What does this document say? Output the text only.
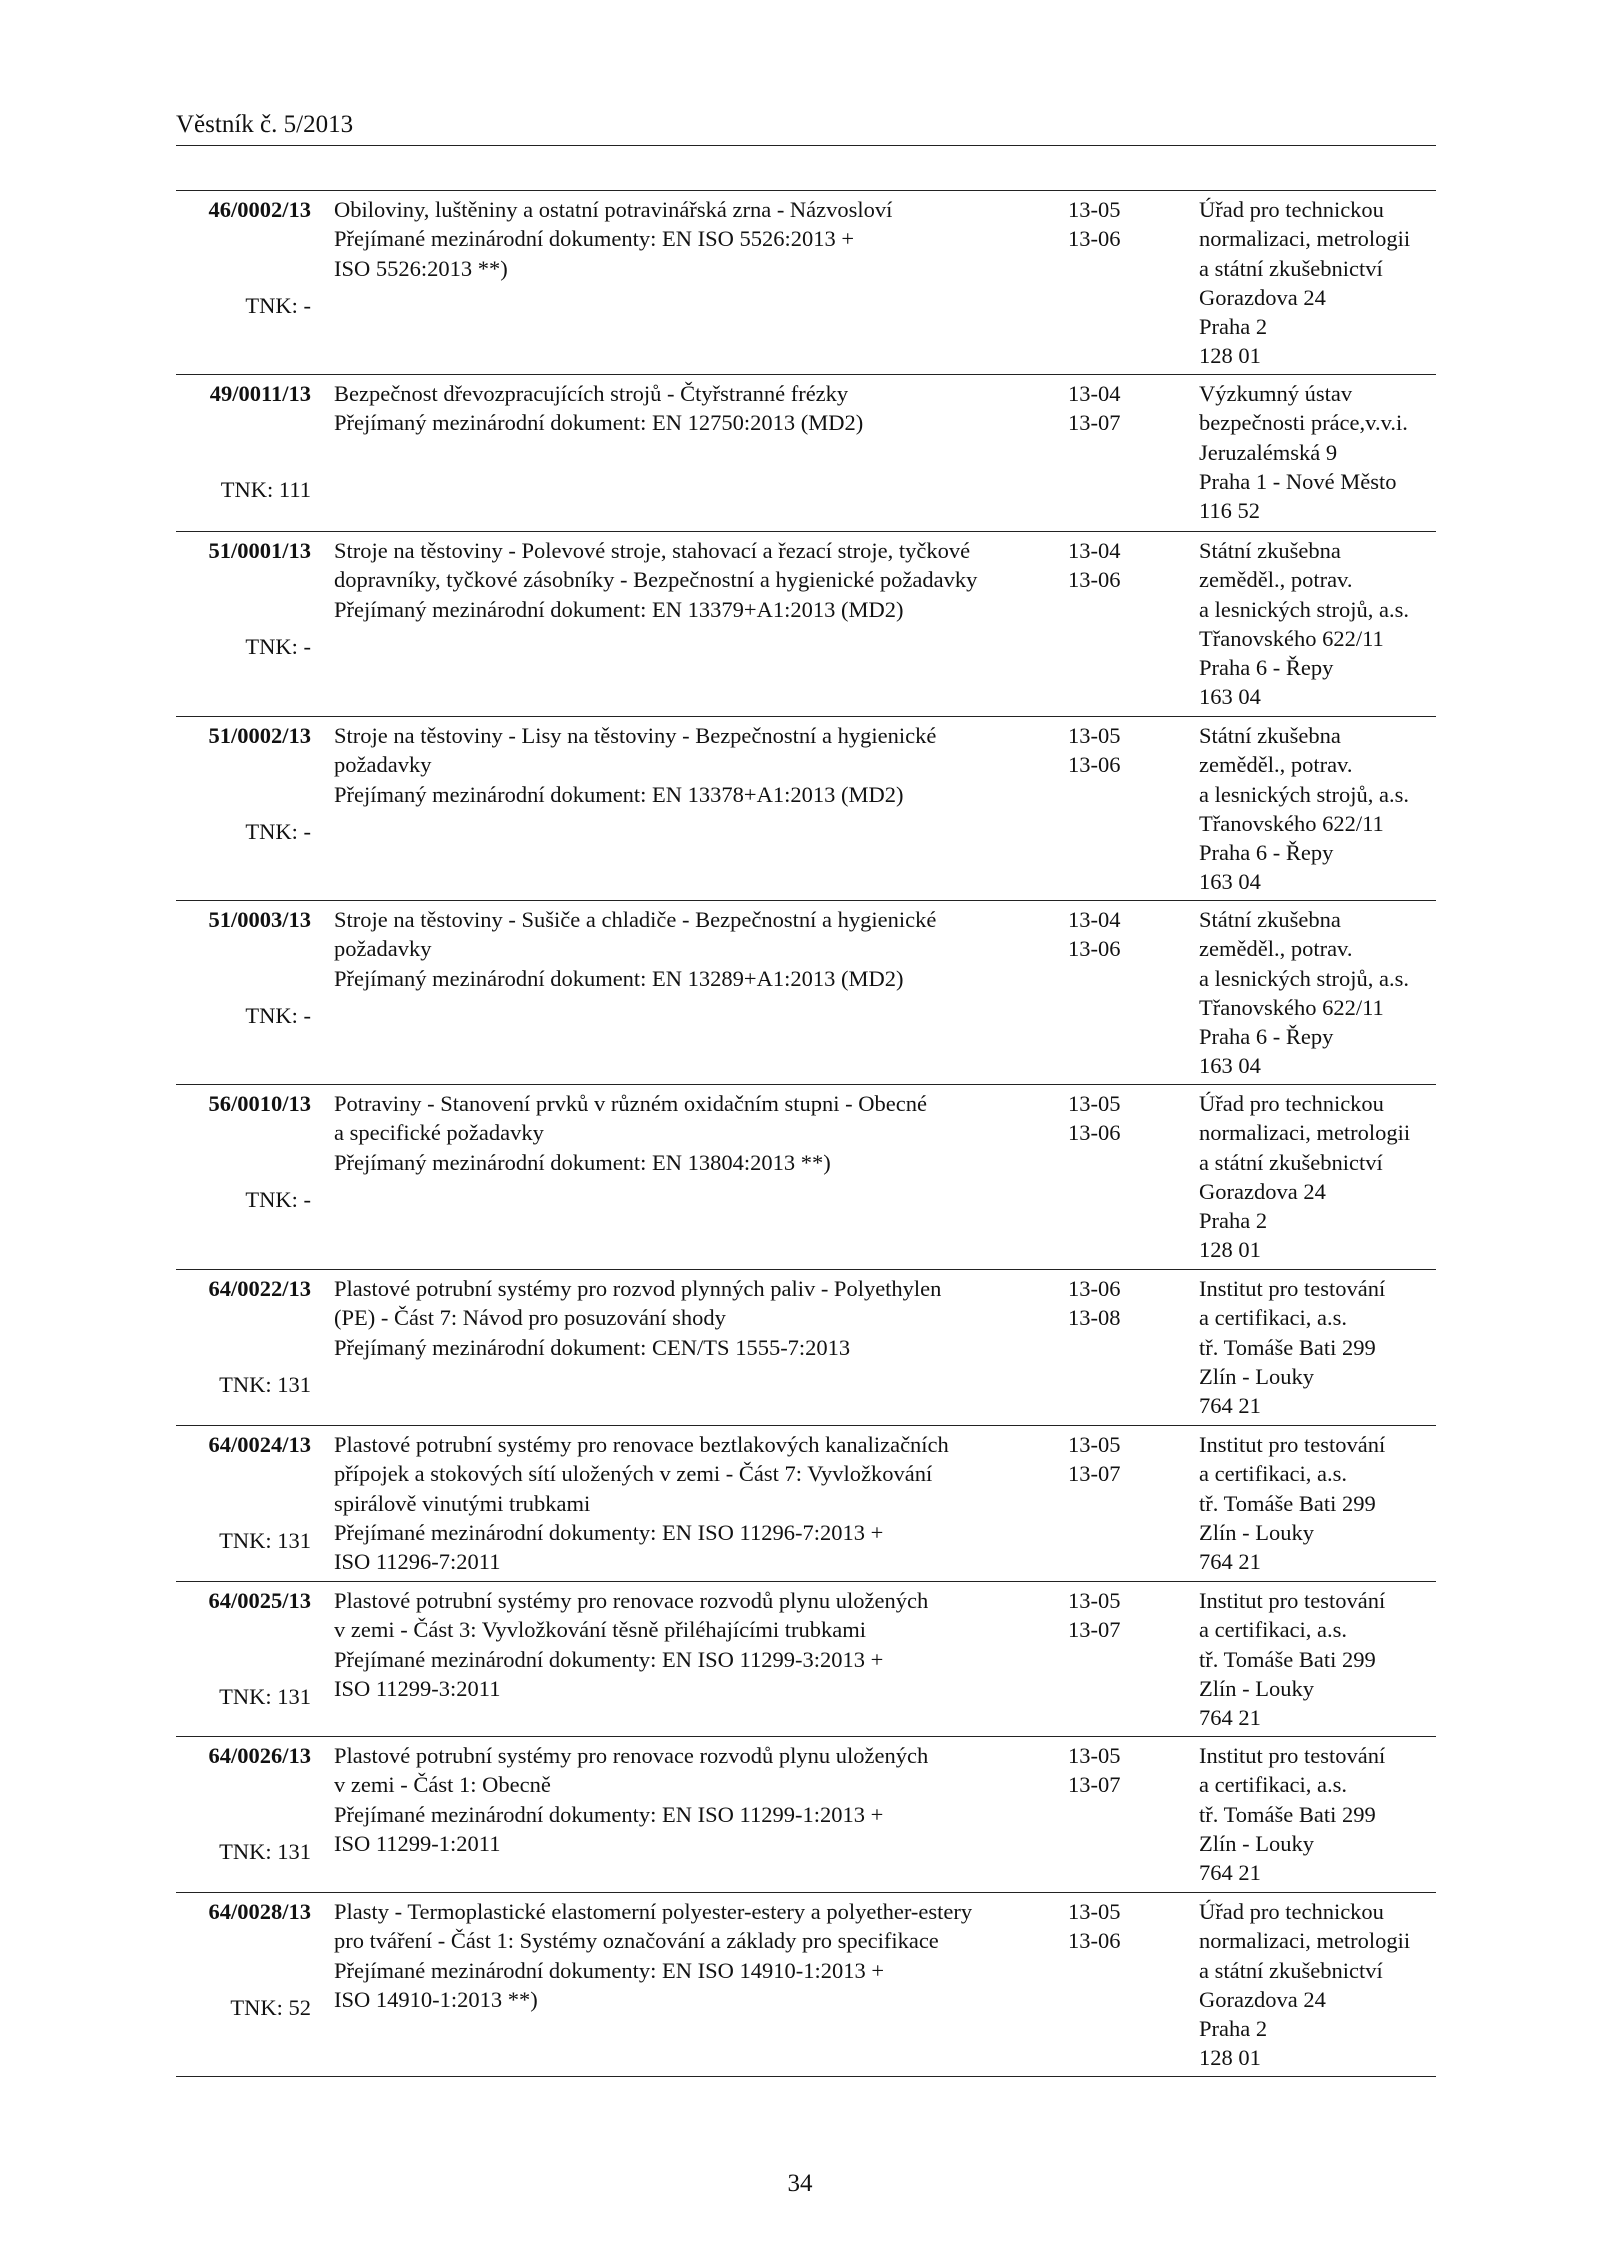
Věstník č. 5/2013
46/0002/13
TNK: -
Obiloviny, luštěniny a ostatní potravinářská zrna - Názvosloví
Přejímané mezinárodní dokumenty: EN ISO 5526:2013 +
ISO 5526:2013 **)
13-05
13-06
Úřad pro technickou
normalizaci, metrologii
a státní zkušebnictví
Gorazdova 24
Praha 2
128 01
49/0011/13
TNK: 111
Bezpečnost dřevozpracujících strojů - Čtyřstranné frézky
Přejímaný mezinárodní dokument: EN 12750:2013 (MD2)
13-04
13-07
Výzkumný ústav
bezpečnosti práce,v.v.i.
Jeruzalémská 9
Praha 1 - Nové Město
116 52
51/0001/13
TNK: -
Stroje na těstoviny - Polevové stroje, stahovací a řezací stroje, tyčkové
dopravníky, tyčkové zásobníky - Bezpečnostní a hygienické požadavky
Přejímaný mezinárodní dokument: EN 13379+A1:2013 (MD2)
13-04
13-06
Státní zkušebna
zeměděl., potrav.
a lesnických strojů, a.s.
Třanovského 622/11
Praha 6 - Řepy
163 04
51/0002/13
TNK: -
Stroje na těstoviny - Lisy na těstoviny - Bezpečnostní a hygienické
požadavky
Přejímaný mezinárodní dokument: EN 13378+A1:2013 (MD2)
13-05
13-06
Státní zkušebna
zeměděl., potrav.
a lesnických strojů, a.s.
Třanovského 622/11
Praha 6 - Řepy
163 04
51/0003/13
TNK: -
Stroje na těstoviny - Sušiče a chladiče - Bezpečnostní a hygienické
požadavky
Přejímaný mezinárodní dokument: EN 13289+A1:2013 (MD2)
13-04
13-06
Státní zkušebna
zeměděl., potrav.
a lesnických strojů, a.s.
Třanovského 622/11
Praha 6 - Řepy
163 04
56/0010/13
TNK: -
Potraviny - Stanovení prvků v různém oxidačním stupni - Obecné
a specifické požadavky
Přejímaný mezinárodní dokument: EN 13804:2013 **)
13-05
13-06
Úřad pro technickou
normalizaci, metrologii
a státní zkušebnictví
Gorazdova 24
Praha 2
128 01
64/0022/13
TNK: 131
Plastové potrubní systémy pro rozvod plynných paliv - Polyethylen
(PE) - Část 7: Návod pro posuzování shody
Přejímaný mezinárodní dokument: CEN/TS 1555-7:2013
13-06
13-08
Institut pro testování
a certifikaci, a.s.
tř. Tomáše Bati 299
Zlín - Louky
764 21
64/0024/13
TNK: 131
Plastové potrubní systémy pro renovace beztlakových kanalizačních
přípojek a stokových sítí uložených v zemi - Část 7: Vyvložkování
spirálově vinutými trubkami
Přejímané mezinárodní dokumenty: EN ISO 11296-7:2013 +
ISO 11296-7:2011
13-05
13-07
Institut pro testování
a certifikaci, a.s.
tř. Tomáše Bati 299
Zlín - Louky
764 21
64/0025/13
TNK: 131
Plastové potrubní systémy pro renovace rozvodů plynu uložených
v zemi - Část 3: Vyvložkování těsně přiléhajícími trubkami
Přejímané mezinárodní dokumenty: EN ISO 11299-3:2013 +
ISO 11299-3:2011
13-05
13-07
Institut pro testování
a certifikaci, a.s.
tř. Tomáše Bati 299
Zlín - Louky
764 21
64/0026/13
TNK: 131
Plastové potrubní systémy pro renovace rozvodů plynu uložených
v zemi - Část 1: Obecně
Přejímané mezinárodní dokumenty: EN ISO 11299-1:2013 +
ISO 11299-1:2011
13-05
13-07
Institut pro testování
a certifikaci, a.s.
tř. Tomáše Bati 299
Zlín - Louky
764 21
64/0028/13
TNK: 52
Plasty - Termoplastické elastomerní polyester-estery a polyether-estery
pro tváření - Část 1: Systémy označování a základy pro specifikace
Přejímané mezinárodní dokumenty: EN ISO 14910-1:2013 +
ISO 14910-1:2013 **)
13-05
13-06
Úřad pro technickou
normalizaci, metrologii
a státní zkušebnictví
Gorazdova 24
Praha 2
128 01
34
